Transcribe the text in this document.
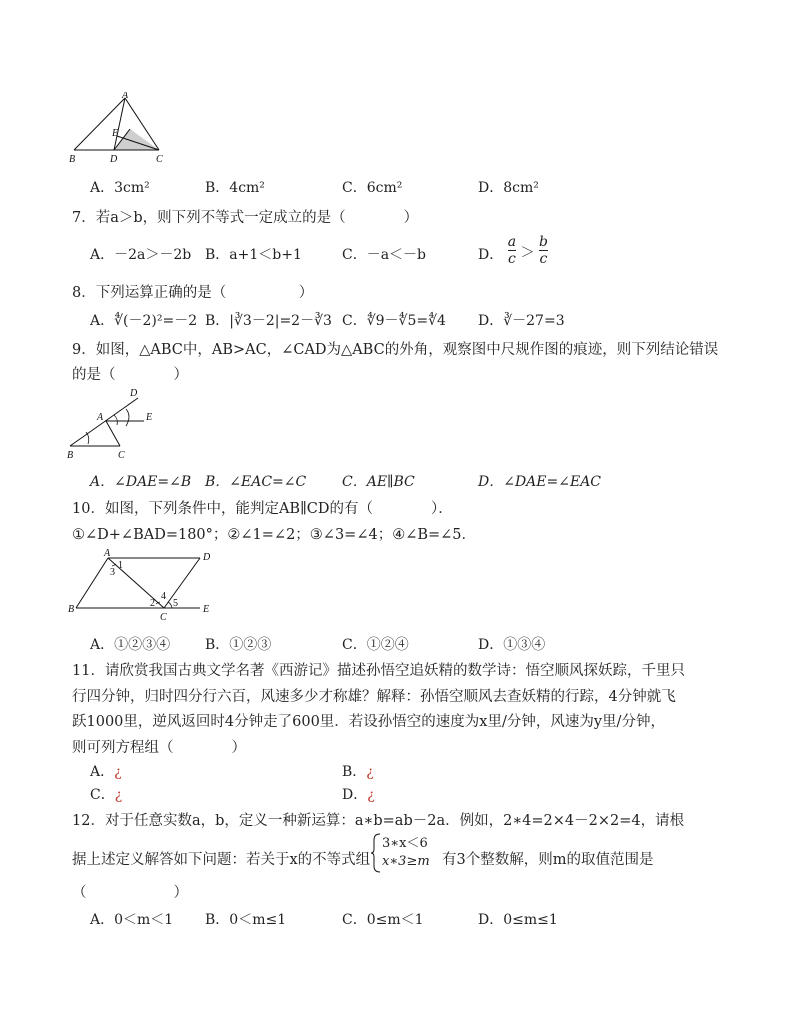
A
E
B	D	C
A．3cm²	B．4cm²	C．6cm²	D．8cm²
7．若a＞b，则下列不等式一定成立的是（　　　　）
A．－2a＞－2b B．a+1＜b+1	C．－a＜－b	D． $\frac{a}{c} > \frac{b}{c}$
8．下列运算正确的是（　　　　　）
A．∜(－2)²=－2 B．|∛3－2|=2－∛3 C．∜9－∜5=∜4 D．∛－27=3
9．如图，△ABC中，AB>AC，∠CAD为△ABC的外角，观察图中尺规作图的痕迹，则下列结论错误
的是（　　　　）
D
A	E
B	C
A．∠DAE=∠B B．∠EAC=∠C	C．AE∥BC	D．∠DAE=∠EAC
10．如图，下列条件中，能判定AB∥CD的有（　　　　）．
①∠D+∠BAD=180°；②∠1=∠2；③∠3=∠4；④∠B=∠5．
A	D
B
C
E
1
3
2
4
5
A．①②③④ B．①②③	C．①②④	D．①③④
11．请欣赏我国古典文学名著《西游记》描述孙悟空追妖精的数学诗：悟空顺风探妖踪，千里只
行四分钟，归时四分行六百，风速多少才称雄？解释：孙悟空顺风去查妖精的行踪，4分钟就飞
跃1000里，逆风返回时4分钟走了600里．若设孙悟空的速度为x里/分钟，风速为y里/分钟，
则可列方程组（　　　　）
A．¿	B．¿
C．¿	D．¿
12．对于任意实数a，b，定义一种新运算：a∗b=ab－2a．例如，2∗4=2×4－2×2=4，请根
据上述定义解答如下问题：若关于x的不等式组
3∗x＜6
x∗3≥m 有3个整数解，则m的取值范围是
（　　　　　　）
A．0＜m＜1 B．0＜m≤1	C．0≤m＜1	D．0≤m≤1
